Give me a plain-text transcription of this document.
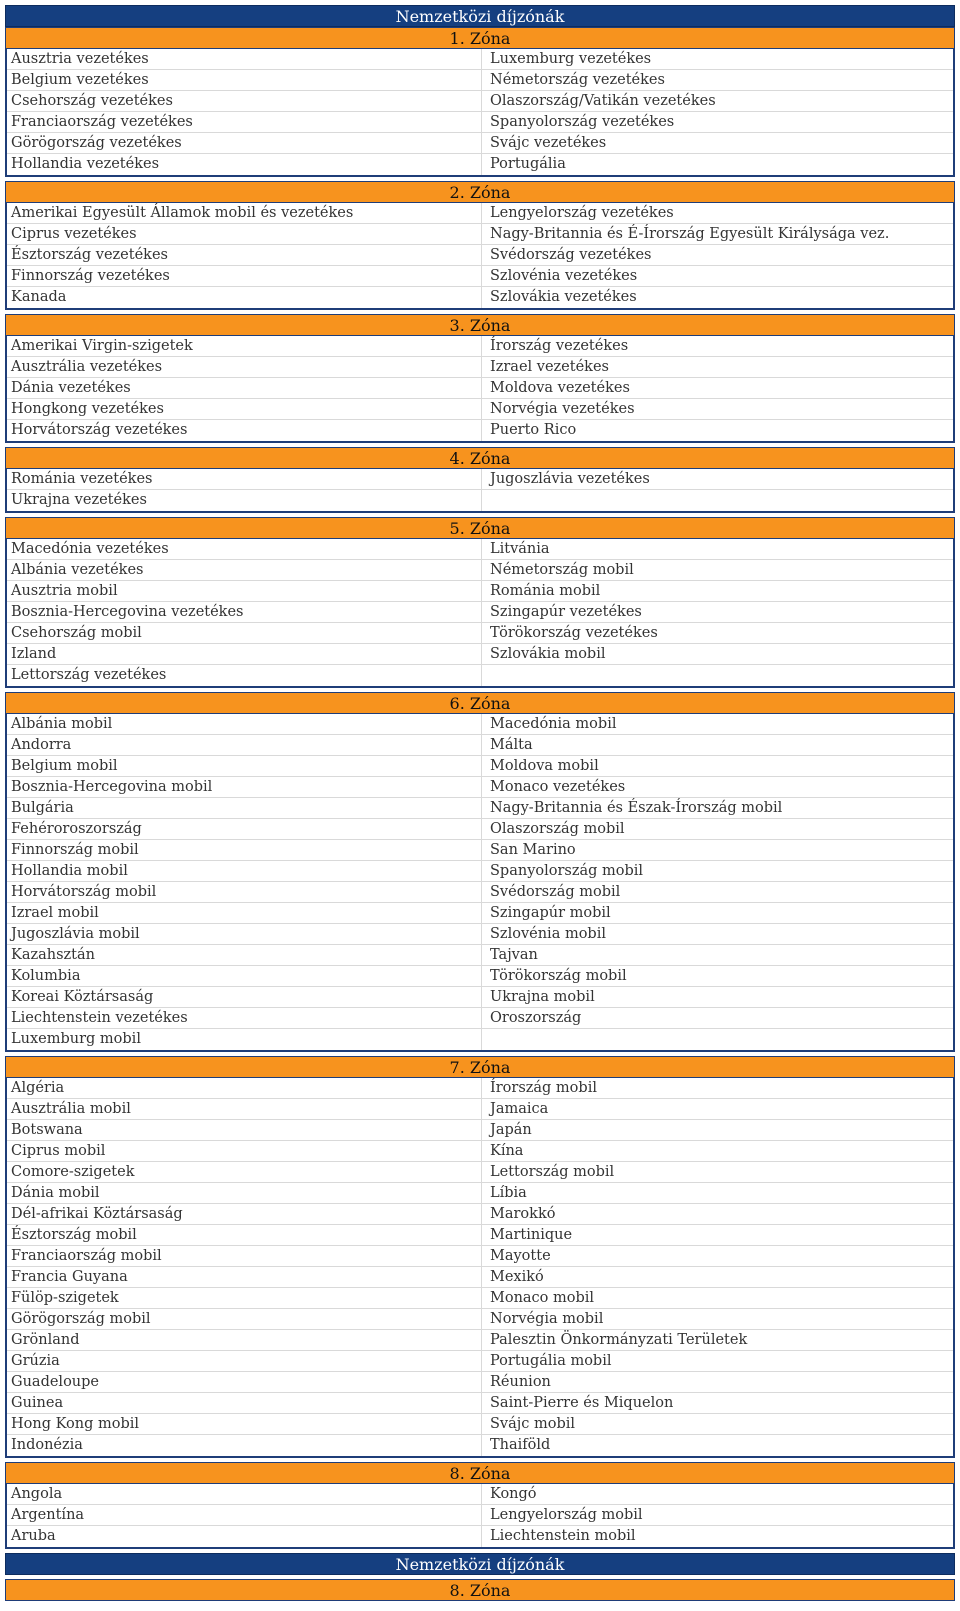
Nemzetközi díjzónák
1. Zóna
Ausztria vezetékes	Luxemburg vezetékes
Belgium vezetékes	Németország vezetékes
Csehország vezetékes	Olaszország/Vatikán vezetékes
Franciaország vezetékes	Spanyolország vezetékes
Görögország vezetékes	Svájc vezetékes
Hollandia vezetékes	Portugália
2. Zóna
Amerikai Egyesült Államok mobil és vezetékes	Lengyelország vezetékes
Ciprus vezetékes	Nagy-Britannia és É-Írország Egyesült Királysága vez.
Észtország vezetékes	Svédország vezetékes
Finnország vezetékes	Szlovénia vezetékes
Kanada	Szlovákia vezetékes
3. Zóna
Amerikai Virgin-szigetek	Írország vezetékes
Ausztrália vezetékes	Izrael vezetékes
Dánia vezetékes	Moldova vezetékes
Hongkong vezetékes	Norvégia vezetékes
Horvátország vezetékes	Puerto Rico
4. Zóna
Románia vezetékes	Jugoszlávia vezetékes
Ukrajna vezetékes
5. Zóna
Macedónia vezetékes	Litvánia
Albánia vezetékes	Németország mobil
Ausztria mobil	Románia mobil
Bosznia-Hercegovina vezetékes	Szingapúr vezetékes
Csehország mobil	Törökország vezetékes
Izland	Szlovákia mobil
Lettország vezetékes
6. Zóna
Albánia mobil	Macedónia mobil
Andorra	Málta
Belgium mobil	Moldova mobil
Bosznia-Hercegovina mobil	Monaco vezetékes
Bulgária	Nagy-Britannia és Észak-Írország mobil
Fehéroroszország	Olaszország mobil
Finnország mobil	San Marino
Hollandia mobil	Spanyolország mobil
Horvátország mobil	Svédország mobil
Izrael mobil	Szingapúr mobil
Jugoszlávia mobil	Szlovénia mobil
Kazahsztán	Tajvan
Kolumbia	Törökország mobil
Koreai Köztársaság	Ukrajna mobil
Liechtenstein vezetékes	Oroszország
Luxemburg mobil
7. Zóna
Algéria	Írország mobil
Ausztrália mobil	Jamaica
Botswana	Japán
Ciprus mobil	Kína
Comore-szigetek	Lettország mobil
Dánia mobil	Líbia
Dél-afrikai Köztársaság	Marokkó
Észtország mobil	Martinique
Franciaország mobil	Mayotte
Francia Guyana	Mexikó
Fülöp-szigetek	Monaco mobil
Görögország mobil	Norvégia mobil
Grönland	Palesztin Önkormányzati Területek
Grúzia	Portugália mobil
Guadeloupe	Réunion
Guinea	Saint-Pierre és Miquelon
Hong Kong mobil	Svájc mobil
Indonézia	Thaiföld
8. Zóna
Angola	Kongó
Argentína	Lengyelország mobil
Aruba	Liechtenstein mobil
Nemzetközi díjzónák
8. Zóna
